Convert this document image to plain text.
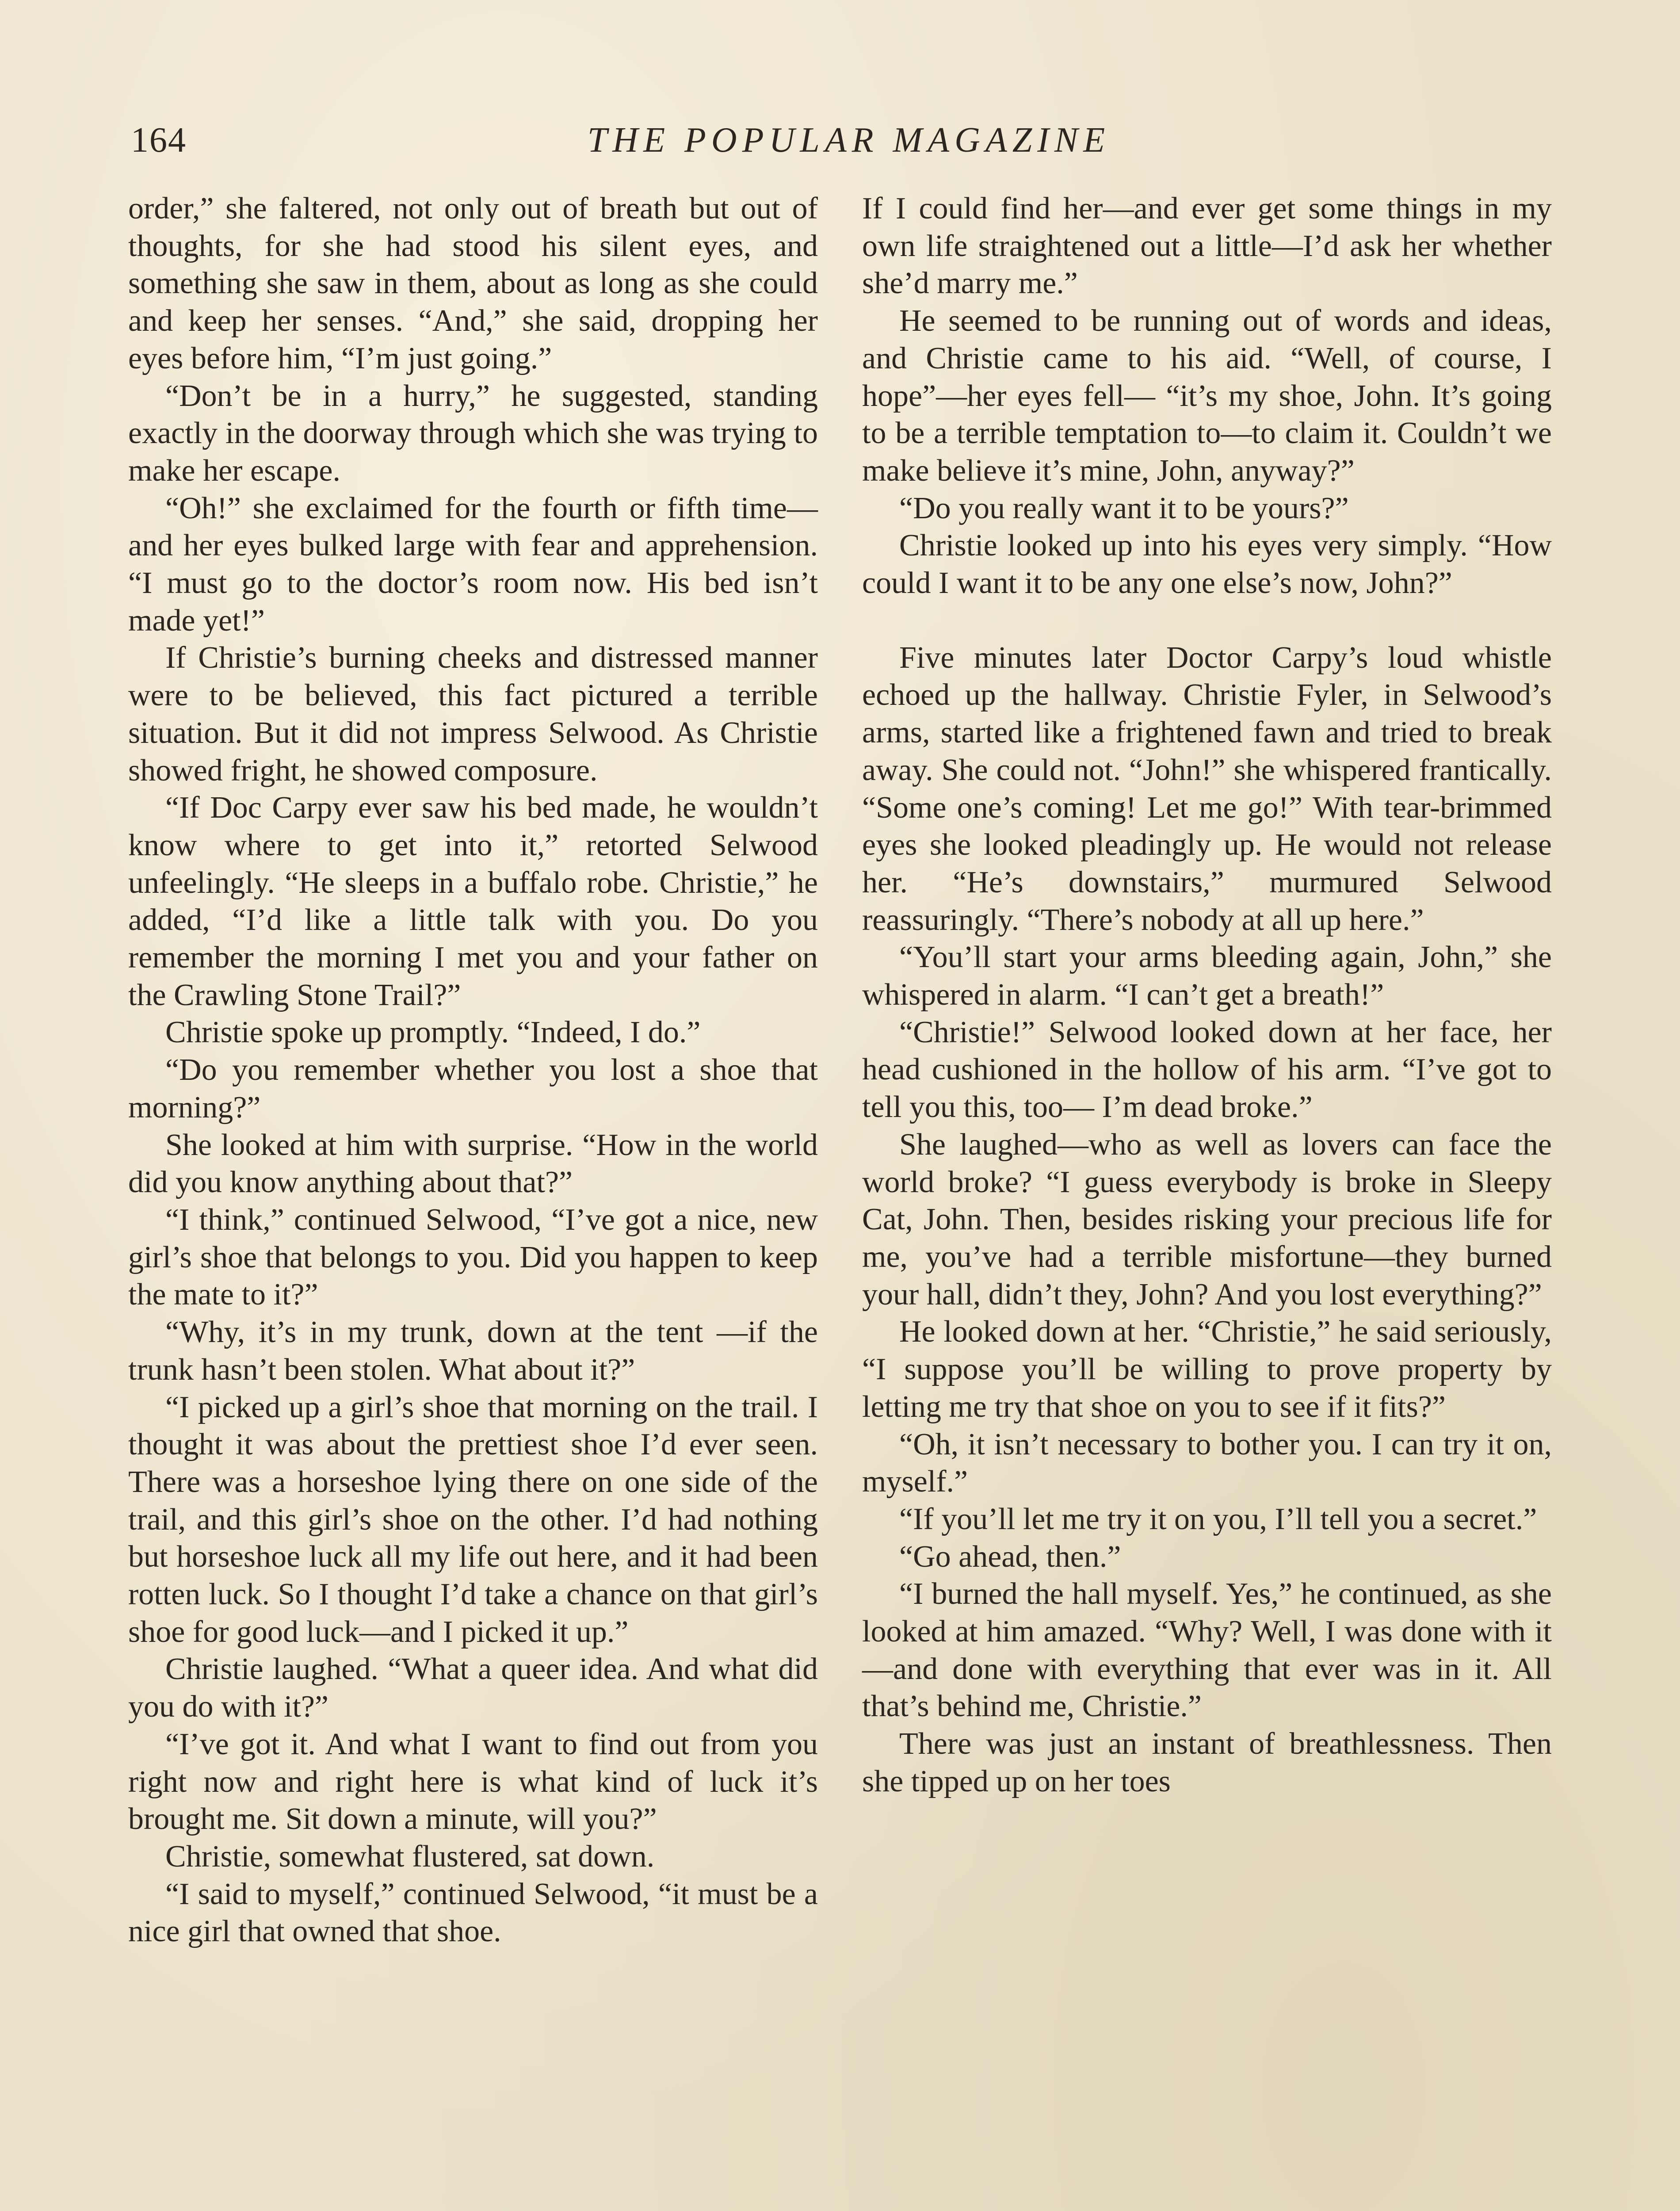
164	THE POPULAR MAGAZINE

order,” she faltered, not only out of breath but out of thoughts, for she had stood his silent eyes, and something she saw in them, about as long as she could and keep her senses. “And,” she said, dropping her eyes before him, “I’m just going.”

“Don’t be in a hurry,” he suggested, standing exactly in the doorway through which she was trying to make her escape.

“Oh!” she exclaimed for the fourth or fifth time—and her eyes bulked large with fear and apprehension. “I must go to the doctor’s room now. His bed isn’t made yet!”

If Christie’s burning cheeks and distressed manner were to be believed, this fact pictured a terrible situation. But it did not impress Selwood. As Christie showed fright, he showed composure.

“If Doc Carpy ever saw his bed made, he wouldn’t know where to get into it,” retorted Selwood unfeelingly. “He sleeps in a buffalo robe. Christie,” he added, “I’d like a little talk with you. Do you remember the morning I met you and your father on the Crawling Stone Trail?”

Christie spoke up promptly. “Indeed, I do.”

“Do you remember whether you lost a shoe that morning?”

She looked at him with surprise. “How in the world did you know anything about that?”

“I think,” continued Selwood, “I’ve got a nice, new girl’s shoe that belongs to you. Did you happen to keep the mate to it?”

“Why, it’s in my trunk, down at the tent —if the trunk hasn’t been stolen. What about it?”

“I picked up a girl’s shoe that morning on the trail. I thought it was about the prettiest shoe I’d ever seen. There was a horseshoe lying there on one side of the trail, and this girl’s shoe on the other. I’d had nothing but horseshoe luck all my life out here, and it had been rotten luck. So I thought I’d take a chance on that girl’s shoe for good luck—and I picked it up.”

Christie laughed. “What a queer idea. And what did you do with it?”

“I’ve got it. And what I want to find out from you right now and right here is what kind of luck it’s brought me. Sit down a minute, will you?”

Christie, somewhat flustered, sat down.

“I said to myself,” continued Selwood, “it must be a nice girl that owned that shoe.

If I could find her—and ever get some things in my own life straightened out a little—I’d ask her whether she’d marry me.”

He seemed to be running out of words and ideas, and Christie came to his aid. “Well, of course, I hope”—her eyes fell— “it’s my shoe, John. It’s going to be a terrible temptation to—to claim it. Couldn’t we make believe it’s mine, John, anyway?”

“Do you really want it to be yours?”

Christie looked up into his eyes very simply. “How could I want it to be any one else’s now, John?”

Five minutes later Doctor Carpy’s loud whistle echoed up the hallway. Christie Fyler, in Selwood’s arms, started like a frightened fawn and tried to break away. She could not. “John!” she whispered frantically. “Some one’s coming! Let me go!” With tear-brimmed eyes she looked pleadingly up. He would not release her. “He’s downstairs,” murmured Selwood reassuringly. “There’s nobody at all up here.”

“You’ll start your arms bleeding again, John,” she whispered in alarm. “I can’t get a breath!”

“Christie!” Selwood looked down at her face, her head cushioned in the hollow of his arm. “I’ve got to tell you this, too— I’m dead broke.”

She laughed—who as well as lovers can face the world broke? “I guess everybody is broke in Sleepy Cat, John. Then, besides risking your precious life for me, you’ve had a terrible misfortune—they burned your hall, didn’t they, John? And you lost everything?”

He looked down at her. “Christie,” he said seriously, “I suppose you’ll be willing to prove property by letting me try that shoe on you to see if it fits?”

“Oh, it isn’t necessary to bother you. I can try it on, myself.”

“If you’ll let me try it on you, I’ll tell you a secret.”

“Go ahead, then.”

“I burned the hall myself. Yes,” he continued, as she looked at him amazed. “Why? Well, I was done with it—and done with everything that ever was in it. All that’s behind me, Christie.”

There was just an instant of breathlessness. Then she tipped up on her toes
